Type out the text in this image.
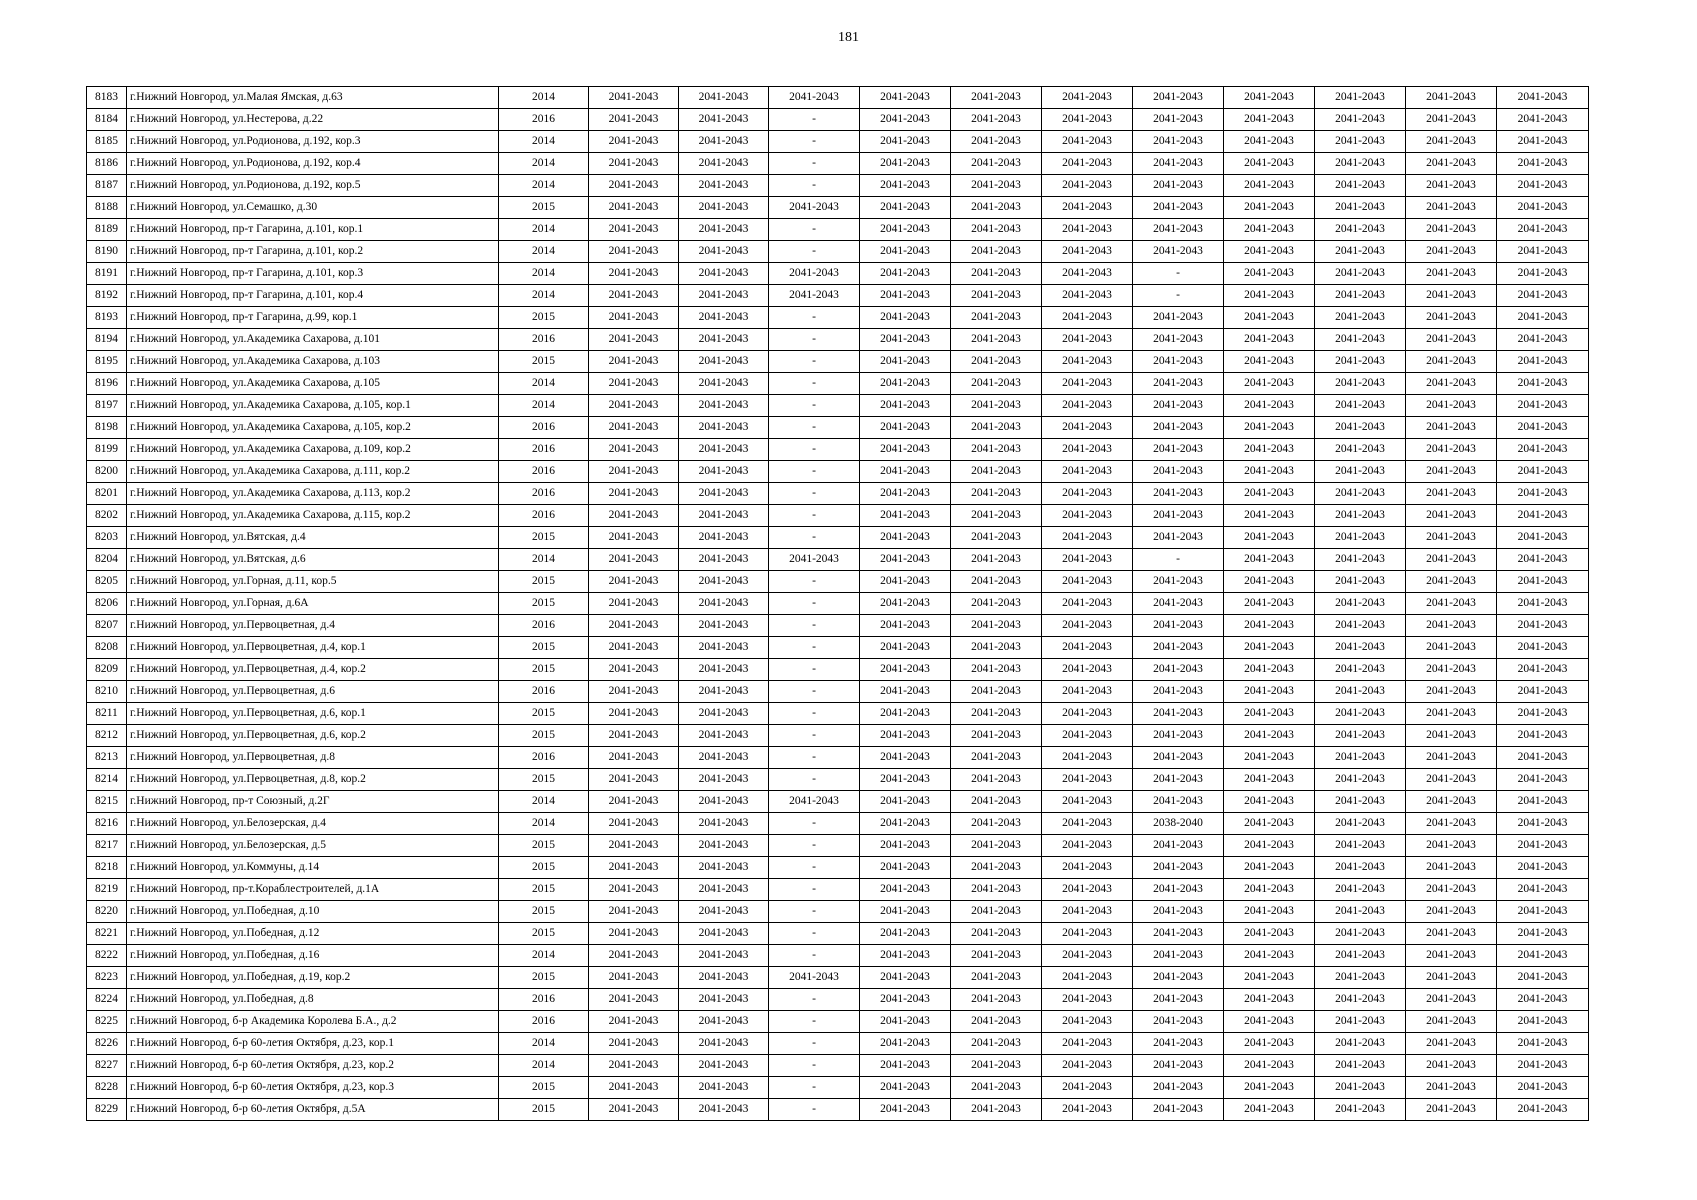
181
8183	г.Нижний Новгород, ул.Малая Ямская, д.63	2014	2041-2043	2041-2043	2041-2043	2041-2043	2041-2043	2041-2043	2041-2043	2041-2043	2041-2043	2041-2043	2041-2043
8184	г.Нижний Новгород, ул.Нестерова, д.22	2016	2041-2043	2041-2043	-	2041-2043	2041-2043	2041-2043	2041-2043	2041-2043	2041-2043	2041-2043	2041-2043
8185	г.Нижний Новгород, ул.Родионова, д.192, кор.3	2014	2041-2043	2041-2043	-	2041-2043	2041-2043	2041-2043	2041-2043	2041-2043	2041-2043	2041-2043	2041-2043
8186	г.Нижний Новгород, ул.Родионова, д.192, кор.4	2014	2041-2043	2041-2043	-	2041-2043	2041-2043	2041-2043	2041-2043	2041-2043	2041-2043	2041-2043	2041-2043
8187	г.Нижний Новгород, ул.Родионова, д.192, кор.5	2014	2041-2043	2041-2043	-	2041-2043	2041-2043	2041-2043	2041-2043	2041-2043	2041-2043	2041-2043	2041-2043
8188	г.Нижний Новгород, ул.Семашко, д.30	2015	2041-2043	2041-2043	2041-2043	2041-2043	2041-2043	2041-2043	2041-2043	2041-2043	2041-2043	2041-2043	2041-2043
8189	г.Нижний Новгород, пр-т Гагарина, д.101, кор.1	2014	2041-2043	2041-2043	-	2041-2043	2041-2043	2041-2043	2041-2043	2041-2043	2041-2043	2041-2043	2041-2043
8190	г.Нижний Новгород, пр-т Гагарина, д.101, кор.2	2014	2041-2043	2041-2043	-	2041-2043	2041-2043	2041-2043	2041-2043	2041-2043	2041-2043	2041-2043	2041-2043
8191	г.Нижний Новгород, пр-т Гагарина, д.101, кор.3	2014	2041-2043	2041-2043	2041-2043	2041-2043	2041-2043	2041-2043	-	2041-2043	2041-2043	2041-2043	2041-2043
8192	г.Нижний Новгород, пр-т Гагарина, д.101, кор.4	2014	2041-2043	2041-2043	2041-2043	2041-2043	2041-2043	2041-2043	-	2041-2043	2041-2043	2041-2043	2041-2043
8193	г.Нижний Новгород, пр-т Гагарина, д.99, кор.1	2015	2041-2043	2041-2043	-	2041-2043	2041-2043	2041-2043	2041-2043	2041-2043	2041-2043	2041-2043	2041-2043
8194	г.Нижний Новгород, ул.Академика Сахарова, д.101	2016	2041-2043	2041-2043	-	2041-2043	2041-2043	2041-2043	2041-2043	2041-2043	2041-2043	2041-2043	2041-2043
8195	г.Нижний Новгород, ул.Академика Сахарова, д.103	2015	2041-2043	2041-2043	-	2041-2043	2041-2043	2041-2043	2041-2043	2041-2043	2041-2043	2041-2043	2041-2043
8196	г.Нижний Новгород, ул.Академика Сахарова, д.105	2014	2041-2043	2041-2043	-	2041-2043	2041-2043	2041-2043	2041-2043	2041-2043	2041-2043	2041-2043	2041-2043
8197	г.Нижний Новгород, ул.Академика Сахарова, д.105, кор.1	2014	2041-2043	2041-2043	-	2041-2043	2041-2043	2041-2043	2041-2043	2041-2043	2041-2043	2041-2043	2041-2043
8198	г.Нижний Новгород, ул.Академика Сахарова, д.105, кор.2	2016	2041-2043	2041-2043	-	2041-2043	2041-2043	2041-2043	2041-2043	2041-2043	2041-2043	2041-2043	2041-2043
8199	г.Нижний Новгород, ул.Академика Сахарова, д.109, кор.2	2016	2041-2043	2041-2043	-	2041-2043	2041-2043	2041-2043	2041-2043	2041-2043	2041-2043	2041-2043	2041-2043
8200	г.Нижний Новгород, ул.Академика Сахарова, д.111, кор.2	2016	2041-2043	2041-2043	-	2041-2043	2041-2043	2041-2043	2041-2043	2041-2043	2041-2043	2041-2043	2041-2043
8201	г.Нижний Новгород, ул.Академика Сахарова, д.113, кор.2	2016	2041-2043	2041-2043	-	2041-2043	2041-2043	2041-2043	2041-2043	2041-2043	2041-2043	2041-2043	2041-2043
8202	г.Нижний Новгород, ул.Академика Сахарова, д.115, кор.2	2016	2041-2043	2041-2043	-	2041-2043	2041-2043	2041-2043	2041-2043	2041-2043	2041-2043	2041-2043	2041-2043
8203	г.Нижний Новгород, ул.Вятская, д.4	2015	2041-2043	2041-2043	-	2041-2043	2041-2043	2041-2043	2041-2043	2041-2043	2041-2043	2041-2043	2041-2043
8204	г.Нижний Новгород, ул.Вятская, д.6	2014	2041-2043	2041-2043	2041-2043	2041-2043	2041-2043	2041-2043	-	2041-2043	2041-2043	2041-2043	2041-2043
8205	г.Нижний Новгород, ул.Горная, д.11, кор.5	2015	2041-2043	2041-2043	-	2041-2043	2041-2043	2041-2043	2041-2043	2041-2043	2041-2043	2041-2043	2041-2043
8206	г.Нижний Новгород, ул.Горная, д.6А	2015	2041-2043	2041-2043	-	2041-2043	2041-2043	2041-2043	2041-2043	2041-2043	2041-2043	2041-2043	2041-2043
8207	г.Нижний Новгород, ул.Первоцветная, д.4	2016	2041-2043	2041-2043	-	2041-2043	2041-2043	2041-2043	2041-2043	2041-2043	2041-2043	2041-2043	2041-2043
8208	г.Нижний Новгород, ул.Первоцветная, д.4, кор.1	2015	2041-2043	2041-2043	-	2041-2043	2041-2043	2041-2043	2041-2043	2041-2043	2041-2043	2041-2043	2041-2043
8209	г.Нижний Новгород, ул.Первоцветная, д.4, кор.2	2015	2041-2043	2041-2043	-	2041-2043	2041-2043	2041-2043	2041-2043	2041-2043	2041-2043	2041-2043	2041-2043
8210	г.Нижний Новгород, ул.Первоцветная, д.6	2016	2041-2043	2041-2043	-	2041-2043	2041-2043	2041-2043	2041-2043	2041-2043	2041-2043	2041-2043	2041-2043
8211	г.Нижний Новгород, ул.Первоцветная, д.6, кор.1	2015	2041-2043	2041-2043	-	2041-2043	2041-2043	2041-2043	2041-2043	2041-2043	2041-2043	2041-2043	2041-2043
8212	г.Нижний Новгород, ул.Первоцветная, д.6, кор.2	2015	2041-2043	2041-2043	-	2041-2043	2041-2043	2041-2043	2041-2043	2041-2043	2041-2043	2041-2043	2041-2043
8213	г.Нижний Новгород, ул.Первоцветная, д.8	2016	2041-2043	2041-2043	-	2041-2043	2041-2043	2041-2043	2041-2043	2041-2043	2041-2043	2041-2043	2041-2043
8214	г.Нижний Новгород, ул.Первоцветная, д.8, кор.2	2015	2041-2043	2041-2043	-	2041-2043	2041-2043	2041-2043	2041-2043	2041-2043	2041-2043	2041-2043	2041-2043
8215	г.Нижний Новгород, пр-т Союзный, д.2Г	2014	2041-2043	2041-2043	2041-2043	2041-2043	2041-2043	2041-2043	2041-2043	2041-2043	2041-2043	2041-2043	2041-2043
8216	г.Нижний Новгород, ул.Белозерская, д.4	2014	2041-2043	2041-2043	-	2041-2043	2041-2043	2041-2043	2038-2040	2041-2043	2041-2043	2041-2043	2041-2043
8217	г.Нижний Новгород, ул.Белозерская, д.5	2015	2041-2043	2041-2043	-	2041-2043	2041-2043	2041-2043	2041-2043	2041-2043	2041-2043	2041-2043	2041-2043
8218	г.Нижний Новгород, ул.Коммуны, д.14	2015	2041-2043	2041-2043	-	2041-2043	2041-2043	2041-2043	2041-2043	2041-2043	2041-2043	2041-2043	2041-2043
8219	г.Нижний Новгород, пр-т.Кораблестроителей, д.1А	2015	2041-2043	2041-2043	-	2041-2043	2041-2043	2041-2043	2041-2043	2041-2043	2041-2043	2041-2043	2041-2043
8220	г.Нижний Новгород, ул.Победная, д.10	2015	2041-2043	2041-2043	-	2041-2043	2041-2043	2041-2043	2041-2043	2041-2043	2041-2043	2041-2043	2041-2043
8221	г.Нижний Новгород, ул.Победная, д.12	2015	2041-2043	2041-2043	-	2041-2043	2041-2043	2041-2043	2041-2043	2041-2043	2041-2043	2041-2043	2041-2043
8222	г.Нижний Новгород, ул.Победная, д.16	2014	2041-2043	2041-2043	-	2041-2043	2041-2043	2041-2043	2041-2043	2041-2043	2041-2043	2041-2043	2041-2043
8223	г.Нижний Новгород, ул.Победная, д.19, кор.2	2015	2041-2043	2041-2043	2041-2043	2041-2043	2041-2043	2041-2043	2041-2043	2041-2043	2041-2043	2041-2043	2041-2043
8224	г.Нижний Новгород, ул.Победная, д.8	2016	2041-2043	2041-2043	-	2041-2043	2041-2043	2041-2043	2041-2043	2041-2043	2041-2043	2041-2043	2041-2043
8225	г.Нижний Новгород, б-р Академика Королева Б.А., д.2	2016	2041-2043	2041-2043	-	2041-2043	2041-2043	2041-2043	2041-2043	2041-2043	2041-2043	2041-2043	2041-2043
8226	г.Нижний Новгород, б-р 60-летия Октября, д.23, кор.1	2014	2041-2043	2041-2043	-	2041-2043	2041-2043	2041-2043	2041-2043	2041-2043	2041-2043	2041-2043	2041-2043
8227	г.Нижний Новгород, б-р 60-летия Октября, д.23, кор.2	2014	2041-2043	2041-2043	-	2041-2043	2041-2043	2041-2043	2041-2043	2041-2043	2041-2043	2041-2043	2041-2043
8228	г.Нижний Новгород, б-р 60-летия Октября, д.23, кор.3	2015	2041-2043	2041-2043	-	2041-2043	2041-2043	2041-2043	2041-2043	2041-2043	2041-2043	2041-2043	2041-2043
8229	г.Нижний Новгород, б-р 60-летия Октября, д.5А	2015	2041-2043	2041-2043	-	2041-2043	2041-2043	2041-2043	2041-2043	2041-2043	2041-2043	2041-2043	2041-2043
